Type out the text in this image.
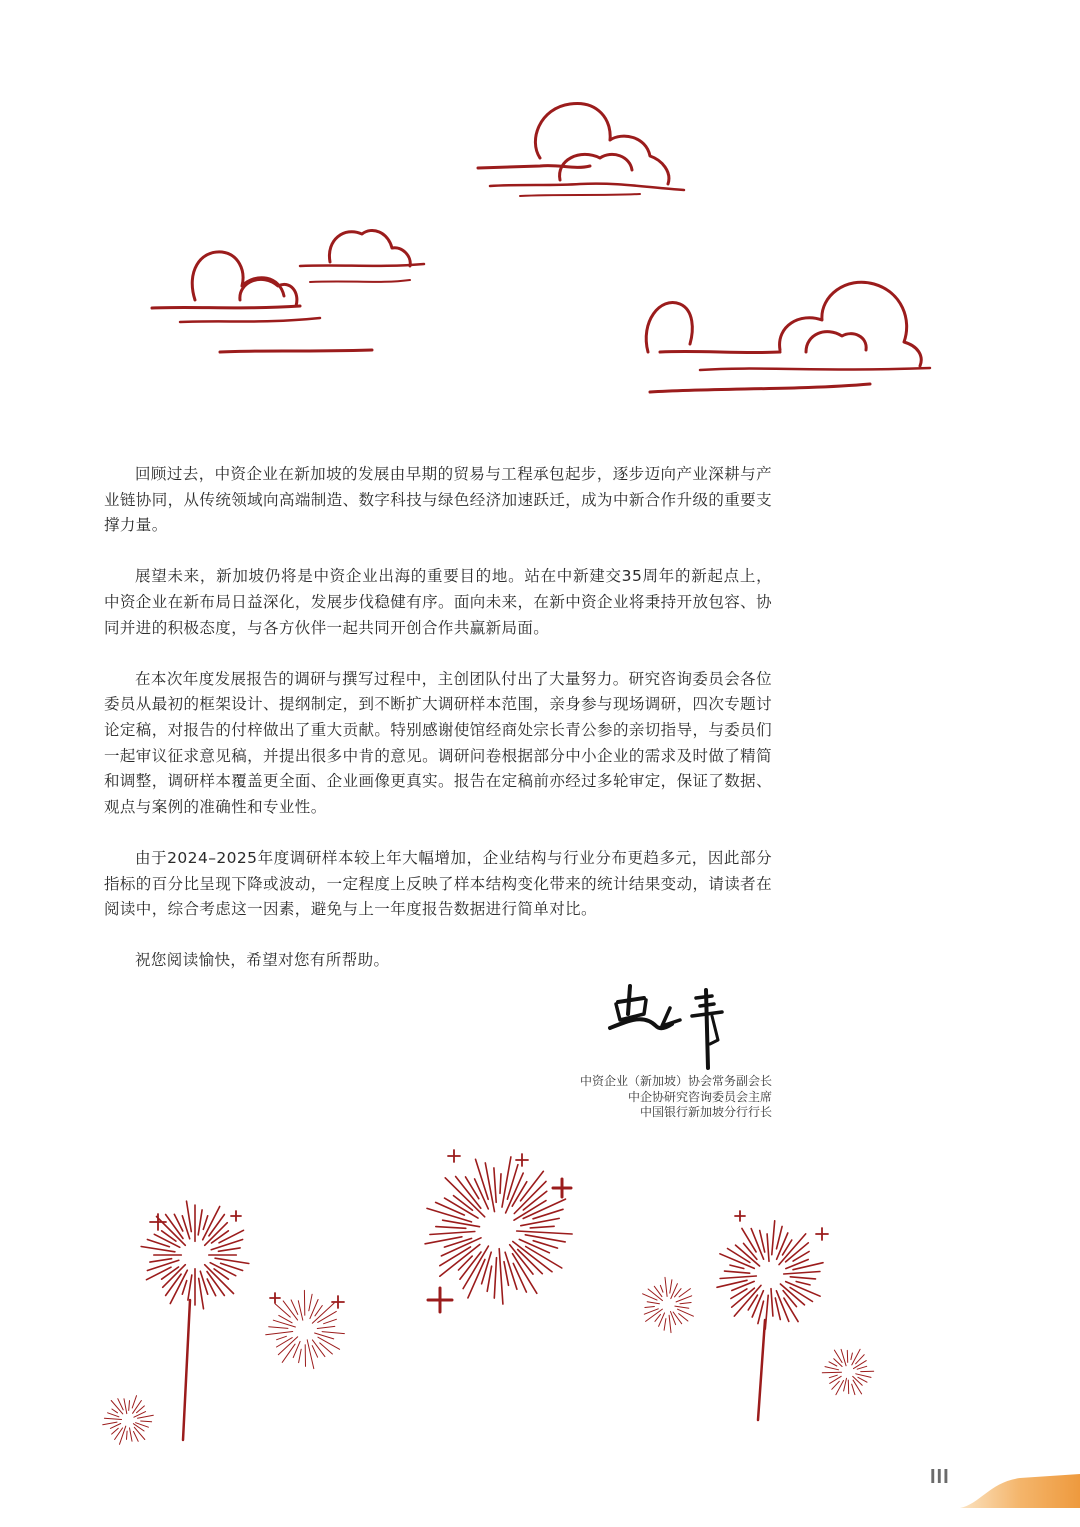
回顾过去，中资企业在新加坡的发展由早期的贸易与工程承包起步，逐步迈向产业深耕与产业链协同，从传统领域向高端制造、数字科技与绿色经济加速跃迁，成为中新合作升级的重要支撑力量。

展望未来，新加坡仍将是中资企业出海的重要目的地。站在中新建交35周年的新起点上，中资企业在新布局日益深化，发展步伐稳健有序。面向未来，在新中资企业将秉持开放包容、协同并进的积极态度，与各方伙伴一起共同开创合作共赢新局面。

在本次年度发展报告的调研与撰写过程中，主创团队付出了大量努力。研究咨询委员会各位委员从最初的框架设计、提纲制定，到不断扩大调研样本范围，亲身参与现场调研，四次专题讨论定稿，对报告的付梓做出了重大贡献。特别感谢使馆经商处宗长青公参的亲切指导，与委员们一起审议征求意见稿，并提出很多中肯的意见。调研问卷根据部分中小企业的需求及时做了精简和调整，调研样本覆盖更全面、企业画像更真实。报告在定稿前亦经过多轮审定，保证了数据、观点与案例的准确性和专业性。

由于2024–2025年度调研样本较上年大幅增加，企业结构与行业分布更趋多元，因此部分指标的百分比呈现下降或波动，一定程度上反映了样本结构变化带来的统计结果变动，请读者在阅读中，综合考虑这一因素，避免与上一年度报告数据进行简单对比。

祝您阅读愉快，希望对您有所帮助。

中资企业（新加坡）协会常务副会长
中企协研究咨询委员会主席
中国银行新加坡分行行长
III
